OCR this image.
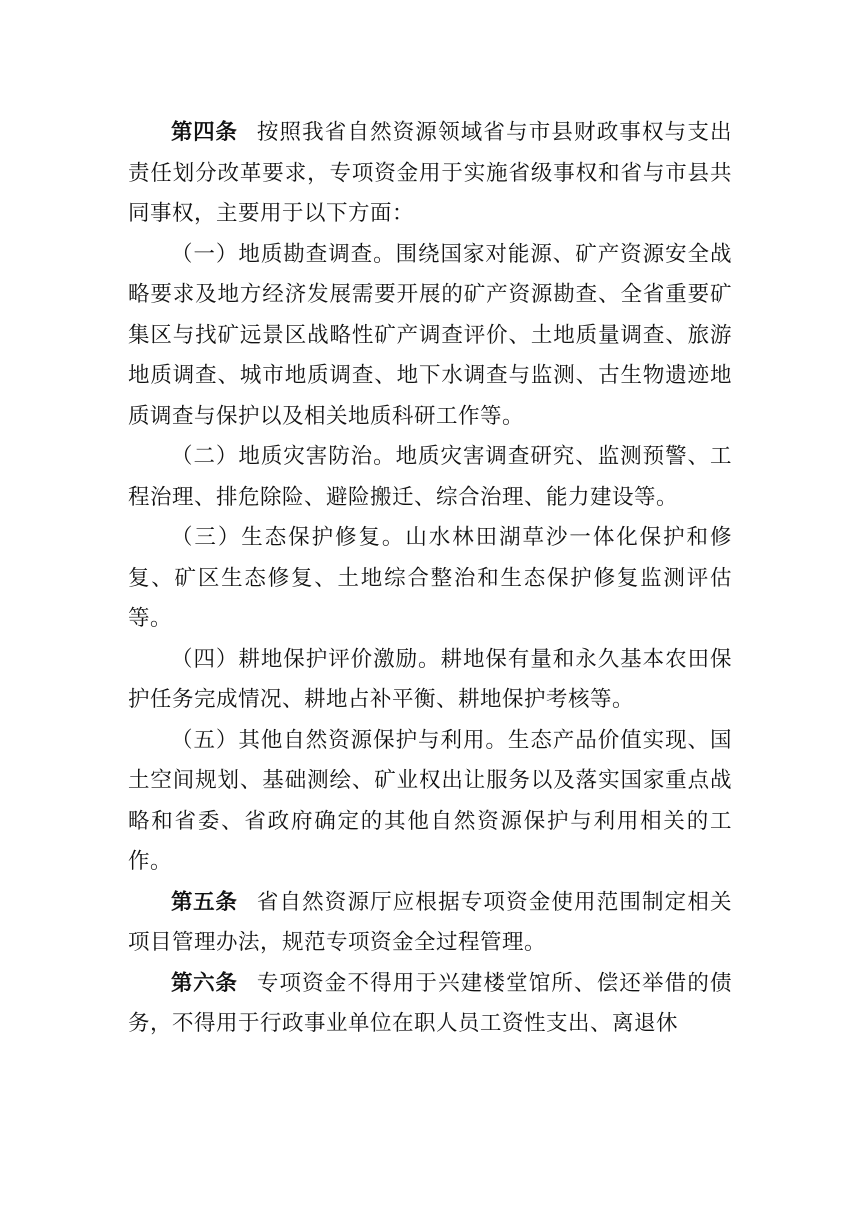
第四条 按照我省自然资源领域省与市县财政事权与支出责任划分改革要求，专项资金用于实施省级事权和省与市县共同事权，主要用于以下方面：

（一）地质勘查调查。围绕国家对能源、矿产资源安全战略要求及地方经济发展需要开展的矿产资源勘查、全省重要矿集区与找矿远景区战略性矿产调查评价、土地质量调查、旅游地质调查、城市地质调查、地下水调查与监测、古生物遗迹地质调查与保护以及相关地质科研工作等。

（二）地质灾害防治。地质灾害调查研究、监测预警、工程治理、排危除险、避险搬迁、综合治理、能力建设等。

（三）生态保护修复。山水林田湖草沙一体化保护和修复、矿区生态修复、土地综合整治和生态保护修复监测评估等。

（四）耕地保护评价激励。耕地保有量和永久基本农田保护任务完成情况、耕地占补平衡、耕地保护考核等。

（五）其他自然资源保护与利用。生态产品价值实现、国土空间规划、基础测绘、矿业权出让服务以及落实国家重点战略和省委、省政府确定的其他自然资源保护与利用相关的工作。

第五条 省自然资源厅应根据专项资金使用范围制定相关项目管理办法，规范专项资金全过程管理。

第六条 专项资金不得用于兴建楼堂馆所、偿还举借的债务，不得用于行政事业单位在职人员工资性支出、离退休
